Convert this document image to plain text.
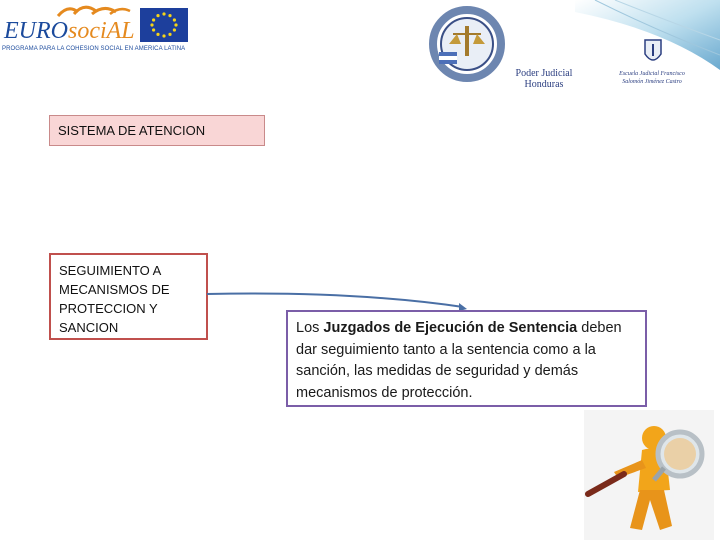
EUROsociAL
PROGRAMA PARA LA COHESION SOCIAL EN AMERICA LATINA
Poder Judicial Honduras
Escuela Judicial Francisco Salomón Jiménez Castro
SISTEMA DE ATENCION
SEGUIMIENTO A MECANISMOS DE PROTECCION Y SANCION	Los Juzgados de Ejecución de Sentencia deben dar seguimiento tanto a la sentencia como a la sanción, las medidas de seguridad y demás mecanismos de protección.
